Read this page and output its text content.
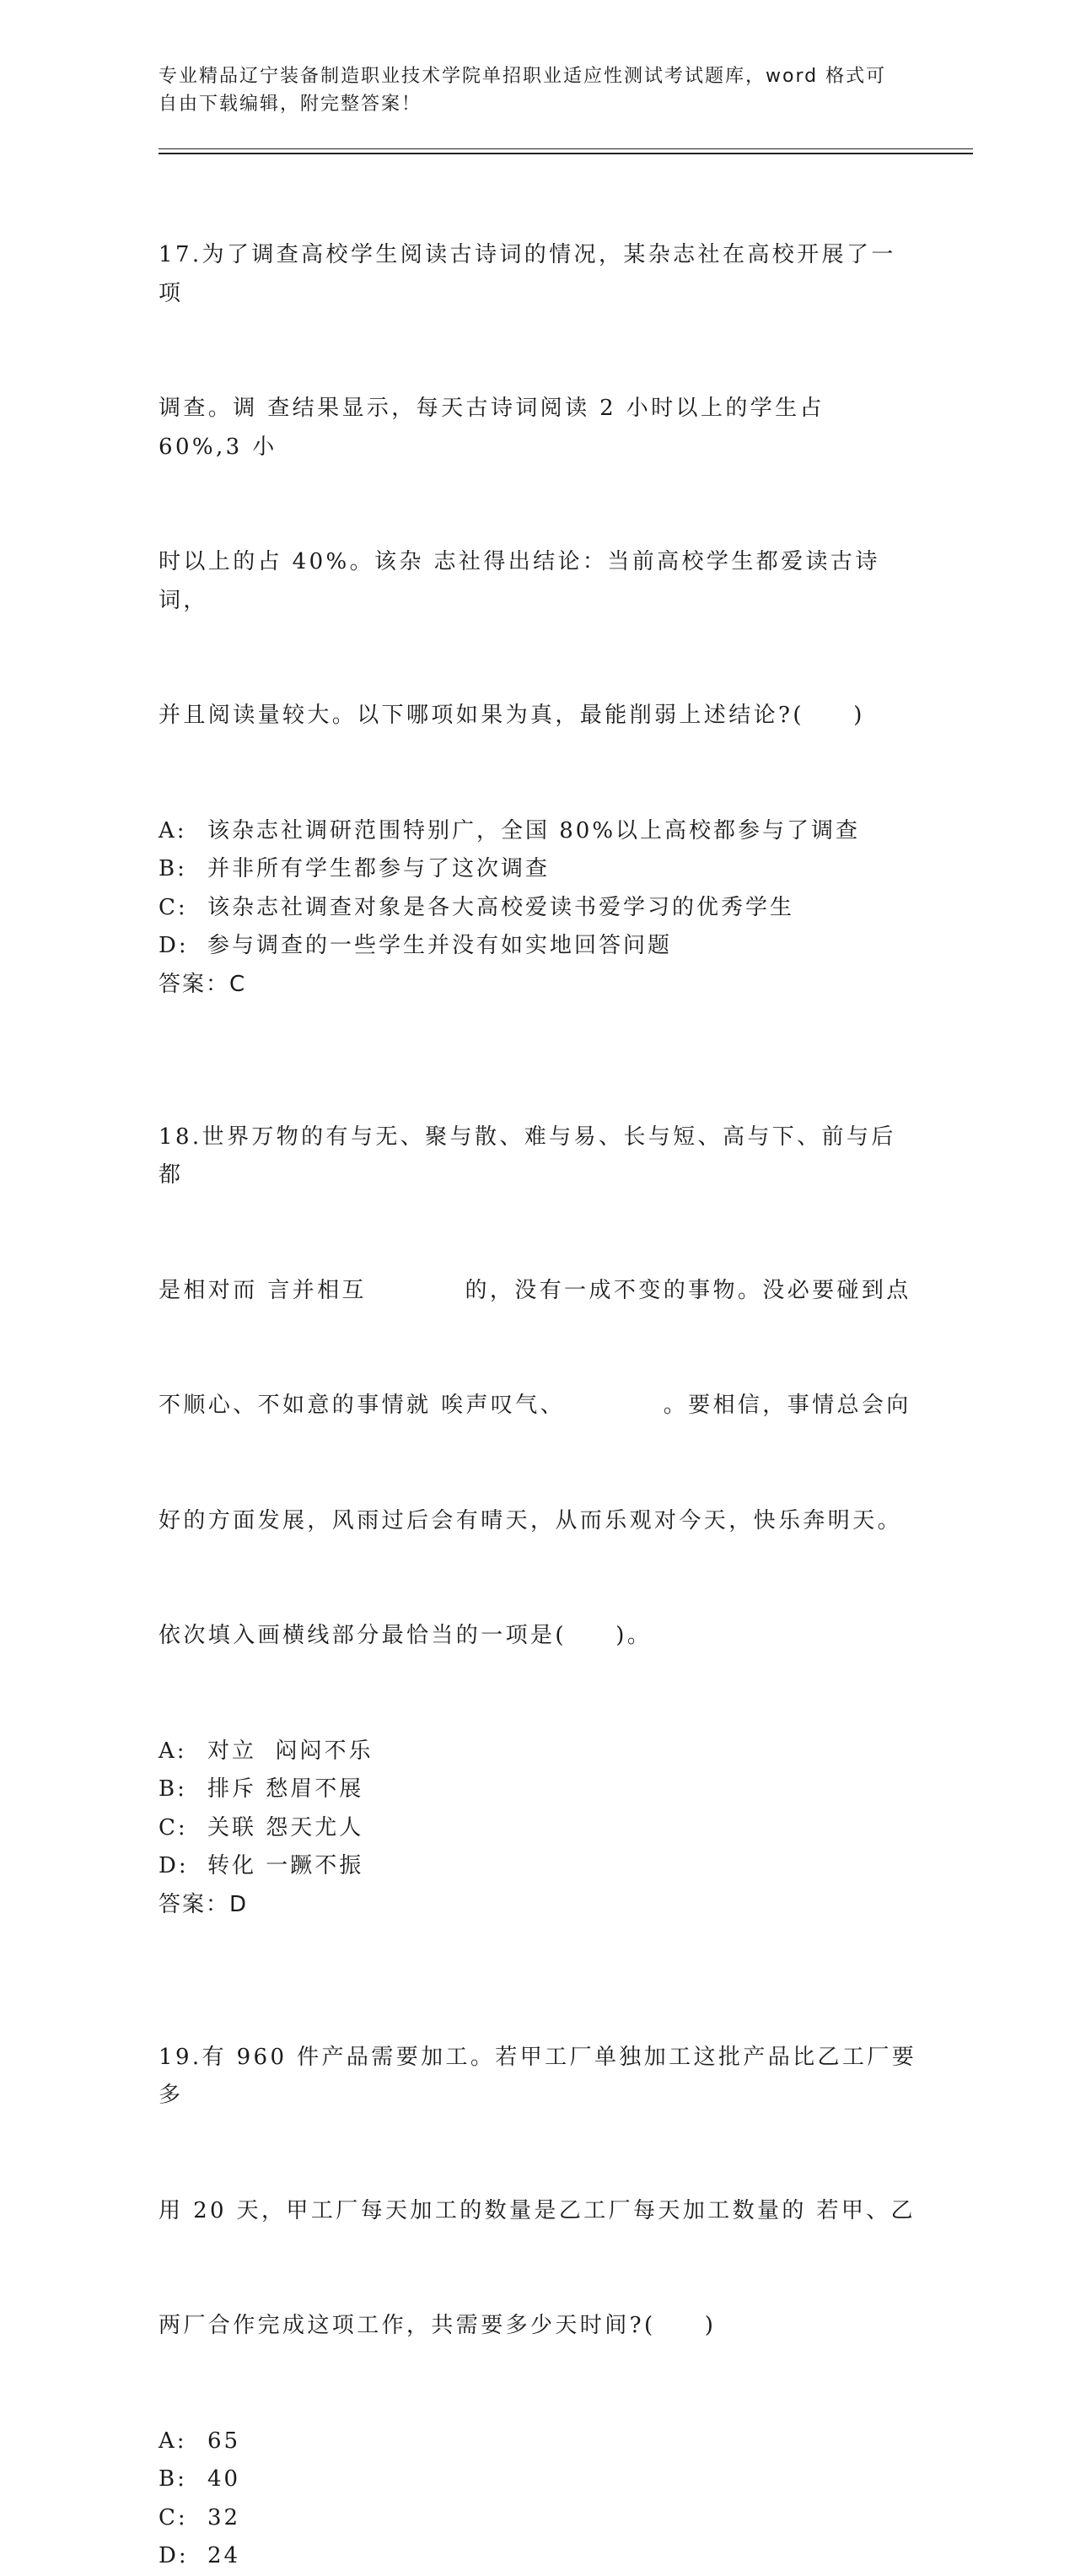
专业精品辽宁装备制造职业技术学院单招职业适应性测试考试题库，word 格式可
自由下载编辑，附完整答案！

17.为了调查高校学生阅读古诗词的情况，某杂志社在高校开展了一项

调查。调 查结果显示，每天古诗词阅读 2 小时以上的学生占 60%,3 小

时以上的占 40%。该杂 志社得出结论：当前高校学生都爱读古诗词，

并且阅读量较大。以下哪项如果为真，最能削弱上述结论?(     )

A: 该杂志社调研范围特别广，全国 80%以上高校都参与了调查
B: 并非所有学生都参与了这次调查
C: 该杂志社调查对象是各大高校爱读书爱学习的优秀学生
D: 参与调查的一些学生并没有如实地回答问题
答案：C

18.世界万物的有与无、聚与散、难与易、长与短、高与下、前与后都

是相对而 言并相互          的，没有一成不变的事物。没必要碰到点

不顺心、不如意的事情就 唉声叹气、          。要相信，事情总会向

好的方面发展，风雨过后会有晴天，从而乐观对今天，快乐奔明天。

依次填入画横线部分最恰当的一项是(     )。

A: 对立  闷闷不乐
B: 排斥 愁眉不展
C: 关联 怨天尤人
D: 转化 一蹶不振
答案：D

19.有 960 件产品需要加工。若甲工厂单独加工这批产品比乙工厂要多

用 20 天，甲工厂每天加工的数量是乙工厂每天加工数量的 若甲、乙

两厂合作完成这项工作，共需要多少天时间?(     )

A: 65
B: 40
C: 32
D: 24
